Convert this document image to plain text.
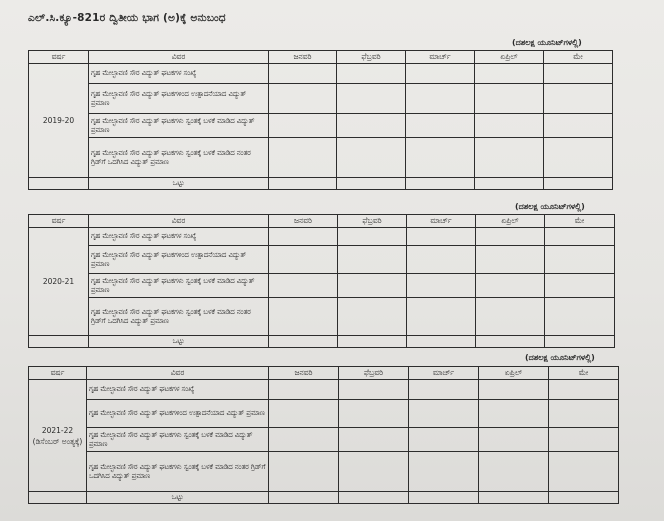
ಎಲ್.ಸಿ.ಕ್ಯೂ-821ರ ದ್ವಿತೀಯ ಭಾಗ (ಅ)ಕ್ಕೆ ಅನುಬಂಧ
(ದಶಲಕ್ಷ ಯೂನಿಟ್‌ಗಳಲ್ಲಿ)
ವರ್ಷ	ವಿವರ	ಜನವರಿ	ಫೆಬ್ರವರಿ	ಮಾರ್ಚ್	ಏಪ್ರಿಲ್	ಮೇ
2019-20	ಗೃಹ ಮೇಲ್ಛಾವಣಿ ಸೌರ ವಿದ್ಯುತ್ ಘಟಕಗಳ ಸಂಖ್ಯೆ					
	ಗೃಹ ಮೇಲ್ಛಾವಣಿ ಸೌರ ವಿದ್ಯುತ್ ಘಟಕಗಳಿಂದ ಉತ್ಪಾದನೆಯಾದ ವಿದ್ಯುತ್ ಪ್ರಮಾಣ					
	ಗೃಹ ಮೇಲ್ಛಾವಣಿ ಸೌರ ವಿದ್ಯುತ್ ಘಟಕಗಳು ಸ್ವಂತಕ್ಕೆ ಬಳಕೆ ಮಾಡಿದ ವಿದ್ಯುತ್ ಪ್ರಮಾಣ					
	ಗೃಹ ಮೇಲ್ಛಾವಣಿ ಸೌರ ವಿದ್ಯುತ್ ಘಟಕಗಳು ಸ್ವಂತಕ್ಕೆ ಬಳಕೆ ಮಾಡಿದ ನಂತರ ಗ್ರಿಡ್‌ಗೆ ಒದಗಿಸಿದ ವಿದ್ಯುತ್ ಪ್ರಮಾಣ					
	ಒಟ್ಟು					
(ದಶಲಕ್ಷ ಯೂನಿಟ್‌ಗಳಲ್ಲಿ)
ವರ್ಷ	ವಿವರ	ಜನವರಿ	ಫೆಬ್ರವರಿ	ಮಾರ್ಚ್	ಏಪ್ರಿಲ್	ಮೇ
2020-21	ಗೃಹ ಮೇಲ್ಛಾವಣಿ ಸೌರ ವಿದ್ಯುತ್ ಘಟಕಗಳ ಸಂಖ್ಯೆ					
	ಗೃಹ ಮೇಲ್ಛಾವಣಿ ಸೌರ ವಿದ್ಯುತ್ ಘಟಕಗಳಿಂದ ಉತ್ಪಾದನೆಯಾದ ವಿದ್ಯುತ್ ಪ್ರಮಾಣ					
	ಗೃಹ ಮೇಲ್ಛಾವಣಿ ಸೌರ ವಿದ್ಯುತ್ ಘಟಕಗಳು ಸ್ವಂತಕ್ಕೆ ಬಳಕೆ ಮಾಡಿದ ವಿದ್ಯುತ್ ಪ್ರಮಾಣ					
	ಗೃಹ ಮೇಲ್ಛಾವಣಿ ಸೌರ ವಿದ್ಯುತ್ ಘಟಕಗಳು ಸ್ವಂತಕ್ಕೆ ಬಳಕೆ ಮಾಡಿದ ನಂತರ ಗ್ರಿಡ್‌ಗೆ ಒದಗಿಸಿದ ವಿದ್ಯುತ್ ಪ್ರಮಾಣ					
	ಒಟ್ಟು					
(ದಶಲಕ್ಷ ಯೂನಿಟ್‌ಗಳಲ್ಲಿ)
ವರ್ಷ	ವಿವರ	ಜನವರಿ	ಫೆಬ್ರವರಿ	ಮಾರ್ಚ್	ಏಪ್ರಿಲ್	ಮೇ
2021-22 (ಡಿಸೆಂಬರ್ ಅಂತ್ಯಕ್ಕೆ)	ಗೃಹ ಮೇಲ್ಛಾವಣಿ ಸೌರ ವಿದ್ಯುತ್ ಘಟಕಗಳ ಸಂಖ್ಯೆ					
	ಗೃಹ ಮೇಲ್ಛಾವಣಿ ಸೌರ ವಿದ್ಯುತ್ ಘಟಕಗಳಿಂದ ಉತ್ಪಾದನೆಯಾದ ವಿದ್ಯುತ್ ಪ್ರಮಾಣ					
	ಗೃಹ ಮೇಲ್ಛಾವಣಿ ಸೌರ ವಿದ್ಯುತ್ ಘಟಕಗಳು ಸ್ವಂತಕ್ಕೆ ಬಳಕೆ ಮಾಡಿದ ವಿದ್ಯುತ್ ಪ್ರಮಾಣ					
	ಗೃಹ ಮೇಲ್ಛಾವಣಿ ಸೌರ ವಿದ್ಯುತ್ ಘಟಕಗಳು ಸ್ವಂತಕ್ಕೆ ಬಳಕೆ ಮಾಡಿದ ನಂತರ ಗ್ರಿಡ್‌ಗೆ ಒದಗಿಸಿದ ವಿದ್ಯುತ್ ಪ್ರಮಾಣ					
	ಒಟ್ಟು					
